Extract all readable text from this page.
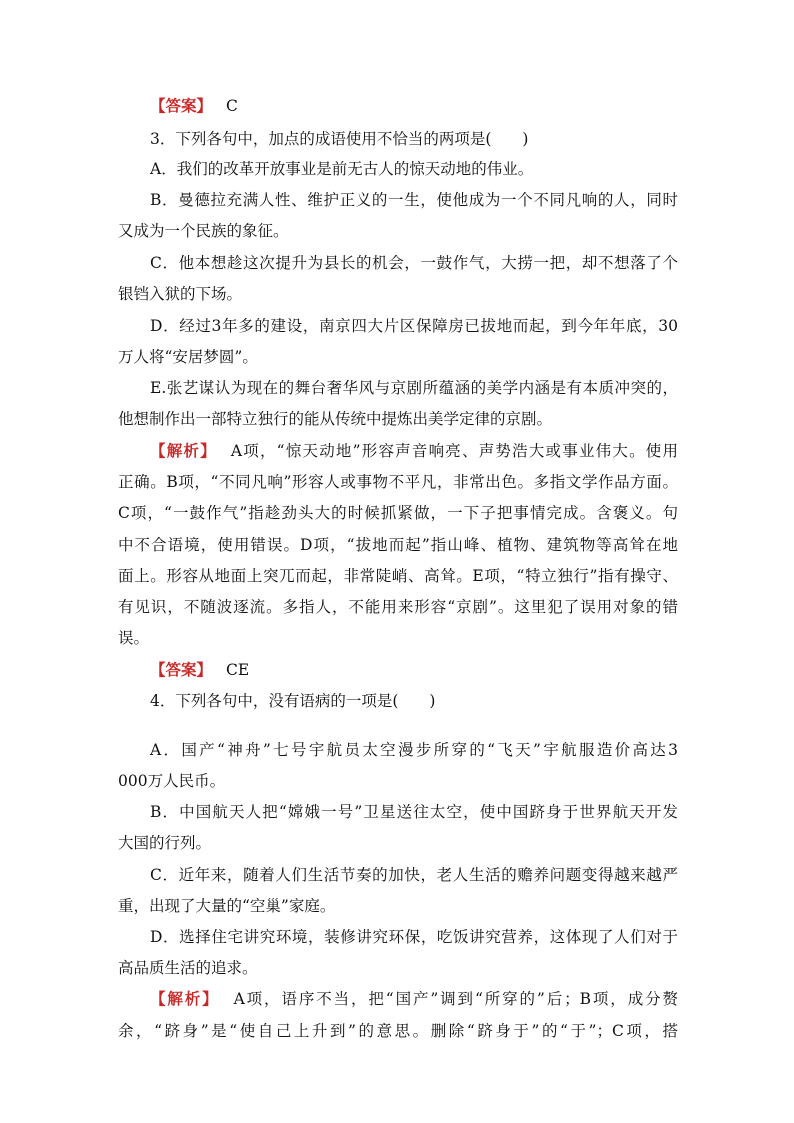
【答案】 C
3．下列各句中，加点的成语使用不恰当的两项是(　　)
A．我们的改革开放事业是前无古人的惊天动地的伟业。
B．曼德拉充满人性、维护正义的一生，使他成为一个不同凡响的人，同时
又成为一个民族的象征。
C．他本想趁这次提升为县长的机会，一鼓作气，大捞一把，却不想落了个
银铛入狱的下场。
D．经过3年多的建设，南京四大片区保障房已拔地而起，到今年年底，30
万人将“安居梦圆”。
E.张艺谋认为现在的舞台奢华风与京剧所蕴涵的美学内涵是有本质冲突的，
他想制作出一部特立独行的能从传统中提炼出美学定律的京剧。
【解析】 A项，“惊天动地”形容声音响亮、声势浩大或事业伟大。使用
正确。B项，“不同凡响”形容人或事物不平凡，非常出色。多指文学作品方面。
C项，“一鼓作气”指趁劲头大的时候抓紧做，一下子把事情完成。含褒义。句
中不合语境，使用错误。D项，“拔地而起”指山峰、植物、建筑物等高耸在地
面上。形容从地面上突兀而起，非常陡峭、高耸。E项，“特立独行”指有操守、
有见识，不随波逐流。多指人，不能用来形容“京剧”。这里犯了误用对象的错
误。
【答案】 CE
4．下列各句中，没有语病的一项是(　　)
A．国产“神舟”七号宇航员太空漫步所穿的“飞天”宇航服造价高达3
000万人民币。
B．中国航天人把“嫦娥一号”卫星送往太空，使中国跻身于世界航天开发
大国的行列。
C．近年来，随着人们生活节奏的加快，老人生活的赡养问题变得越来越严
重，出现了大量的“空巢”家庭。
D．选择住宅讲究环境，装修讲究环保，吃饭讲究营养，这体现了人们对于
高品质生活的追求。
【解析】 A项，语序不当，把“国产”调到“所穿的”后；B项，成分赘
余，“跻身”是“使自己上升到”的意思。删除“跻身于”的“于”；C项，搭
